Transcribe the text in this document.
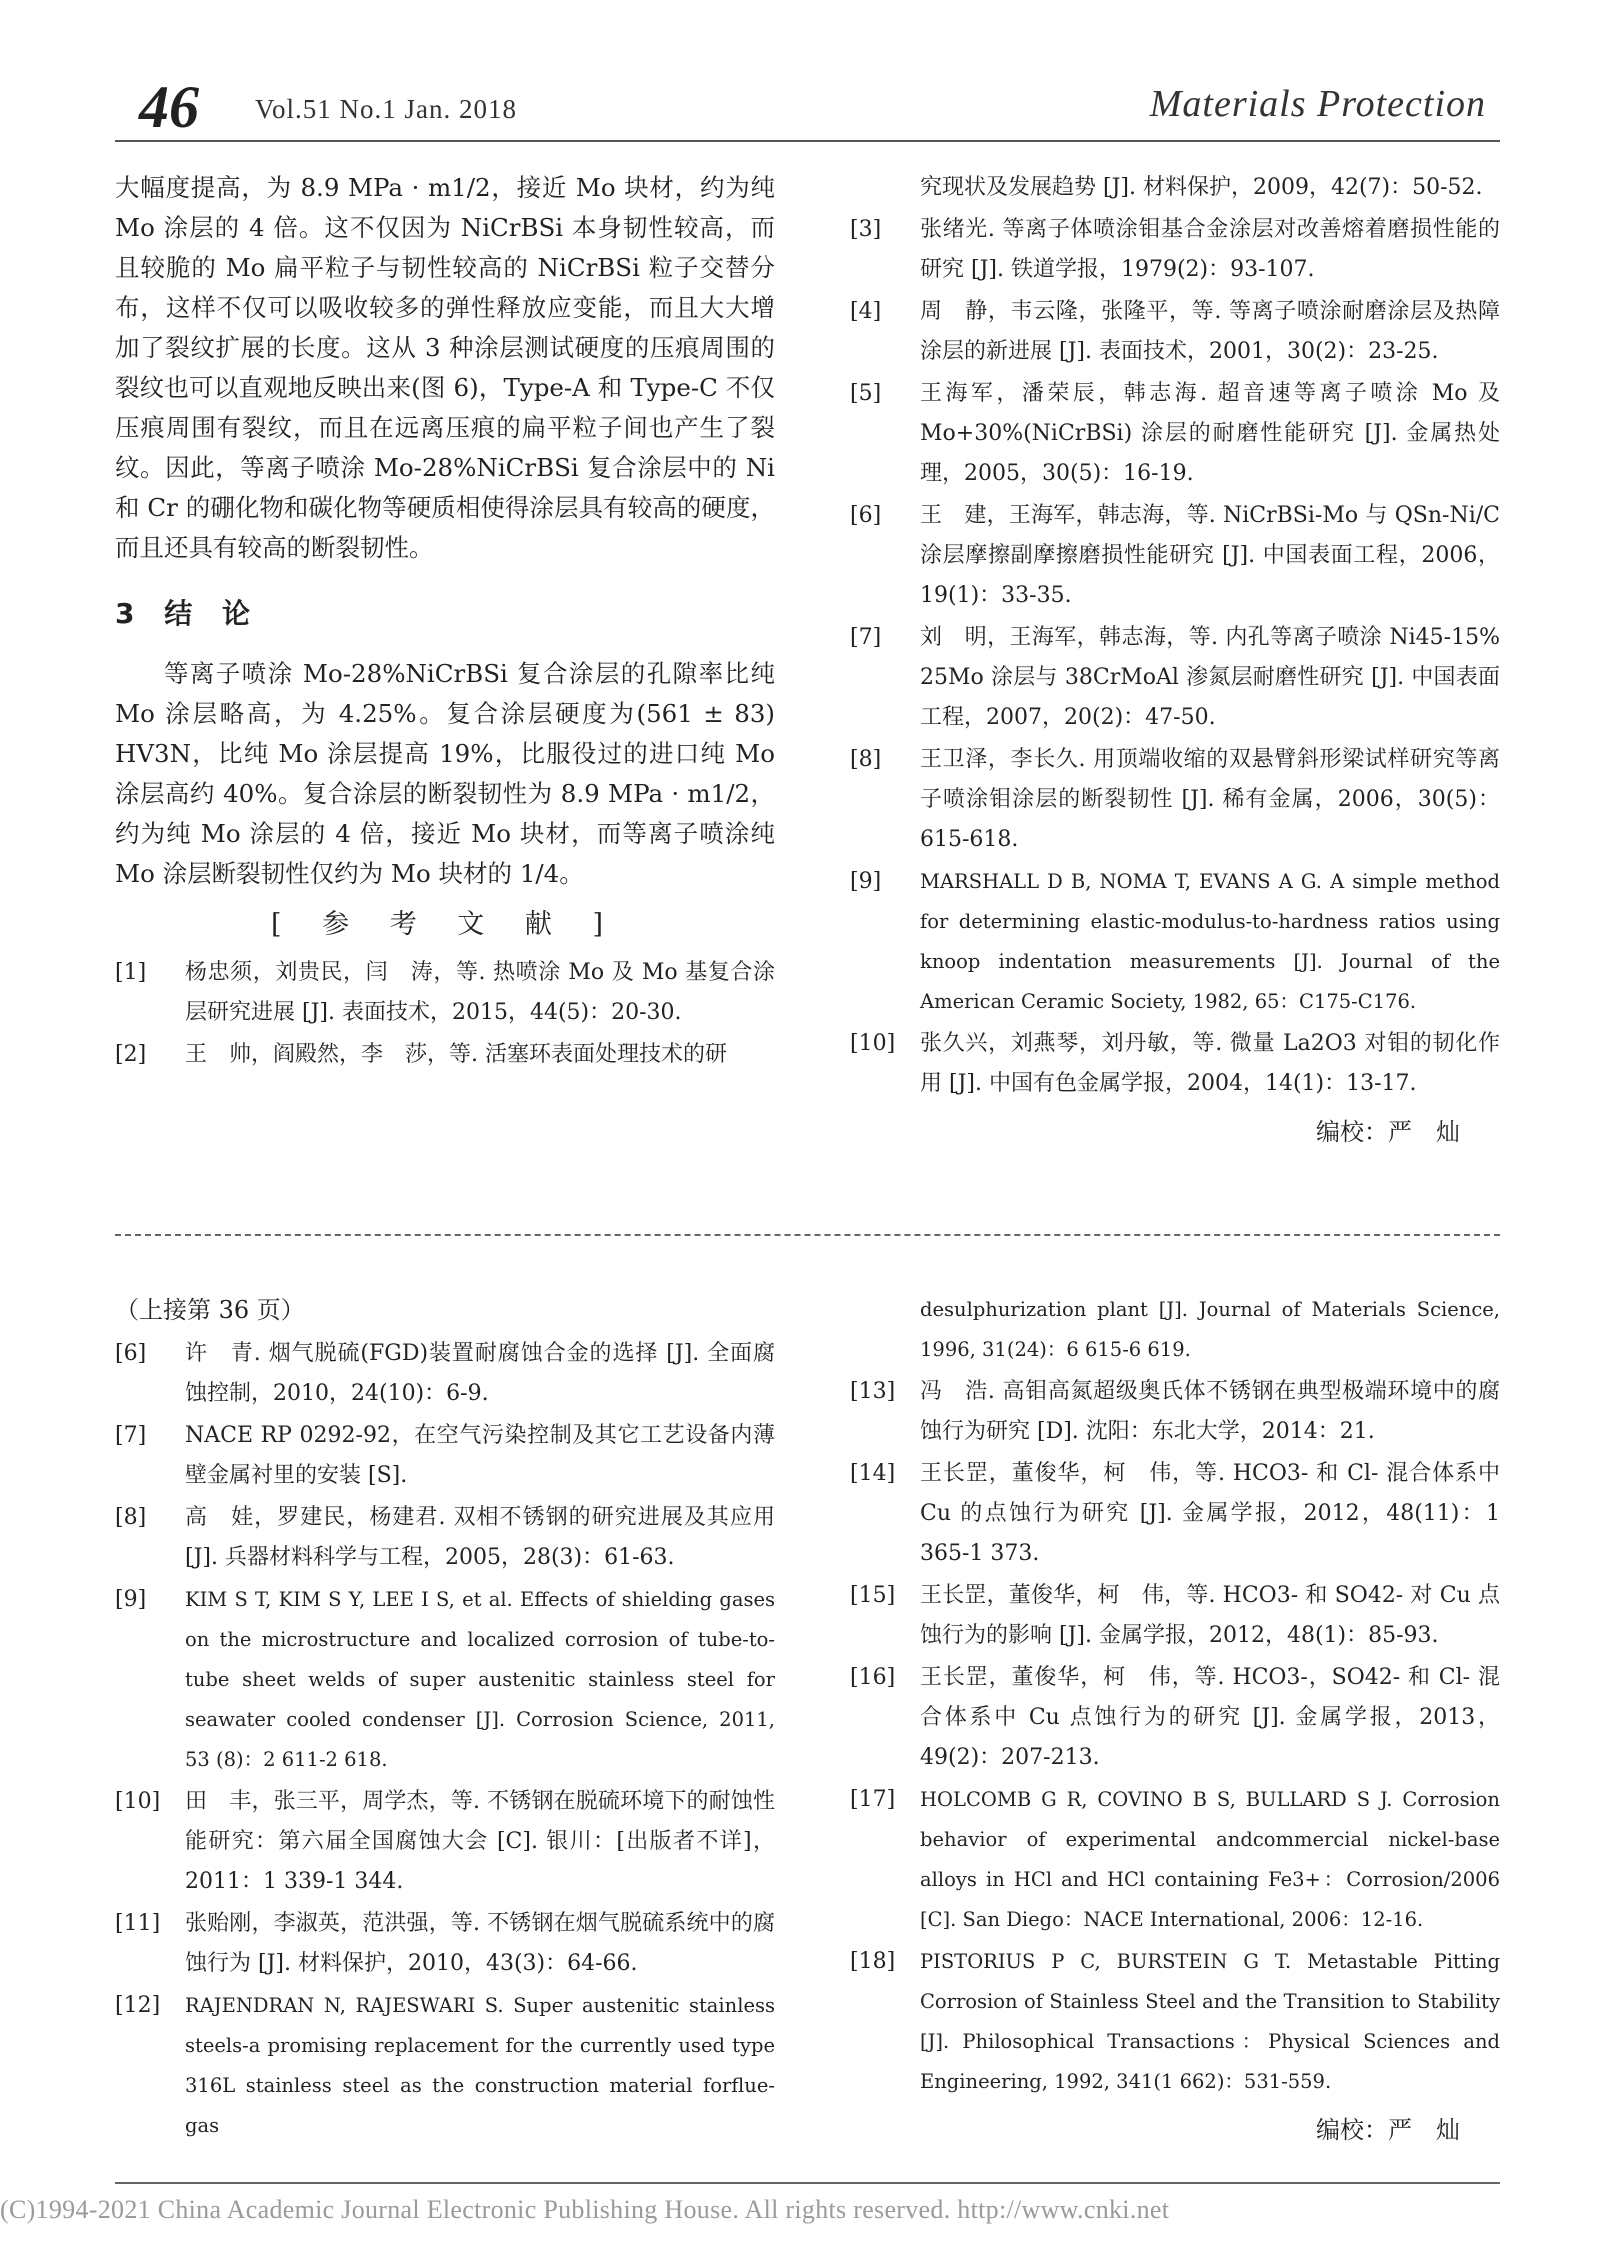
46 Vol.51 No.1 Jan. 2018	Materials Protection

大幅度提高，为 8.9 MPa · m1/2，接近 Mo 块材，约为纯 Mo 涂层的 4 倍。这不仅因为 NiCrBSi 本身韧性较高，而且较脆的 Mo 扁平粒子与韧性较高的 NiCrBSi 粒子交替分布，这样不仅可以吸收较多的弹性释放应变能，而且大大增加了裂纹扩展的长度。这从 3 种涂层测试硬度的压痕周围的裂纹也可以直观地反映出来(图 6)，Type-A 和 Type-C 不仅压痕周围有裂纹，而且在远离压痕的扁平粒子间也产生了裂纹。因此，等离子喷涂 Mo-28%NiCrBSi 复合涂层中的 Ni 和 Cr 的硼化物和碳化物等硬质相使得涂层具有较高的硬度，而且还具有较高的断裂韧性。

3 结 论

等离子喷涂 Mo-28%NiCrBSi 复合涂层的孔隙率比纯 Mo 涂层略高，为 4.25%。复合涂层硬度为(561 ± 83) HV3N，比纯 Mo 涂层提高 19%，比服役过的进口纯 Mo 涂层高约 40%。复合涂层的断裂韧性为 8.9 MPa · m1/2，约为纯 Mo 涂层的 4 倍，接近 Mo 块材，而等离子喷涂纯 Mo 涂层断裂韧性仅约为 Mo 块材的 1/4。

[ 参 考 文 献 ]
[1]	杨忠须，刘贵民，闫　涛，等. 热喷涂 Mo 及 Mo 基复合涂层研究进展 [J]. 表面技术，2015，44(5)：20-30.
[2]	王　帅，阎殿然，李　莎，等. 活塞环表面处理技术的研
究现状及发展趋势 [J]. 材料保护，2009，42(7)：50-52.
[3]	张绪光. 等离子体喷涂钼基合金涂层对改善熔着磨损性能的研究 [J]. 铁道学报，1979(2)：93-107.
[4]	周　静，韦云隆，张隆平，等. 等离子喷涂耐磨涂层及热障涂层的新进展 [J]. 表面技术，2001，30(2)：23-25.
[5]	王海军，潘荣辰，韩志海. 超音速等离子喷涂 Mo 及 Mo+30%(NiCrBSi) 涂层的耐磨性能研究 [J]. 金属热处理，2005，30(5)：16-19.
[6]	王　建，王海军，韩志海，等. NiCrBSi-Mo 与 QSn-Ni/C 涂层摩擦副摩擦磨损性能研究 [J]. 中国表面工程，2006，19(1)：33-35.
[7]	刘　明，王海军，韩志海，等. 内孔等离子喷涂 Ni45-15% 25Mo 涂层与 38CrMoAl 渗氮层耐磨性研究 [J]. 中国表面工程，2007，20(2)：47-50.
[8]	王卫泽，李长久. 用顶端收缩的双悬臂斜形梁试样研究等离子喷涂钼涂层的断裂韧性 [J]. 稀有金属，2006，30(5)：615-618.
[9]	MARSHALL D B, NOMA T, EVANS A G. A simple method for determining elastic-modulus-to-hardness ratios using knoop indentation measurements [J]. Journal of the American Ceramic Society, 1982, 65：C175-C176.
[10]	张久兴，刘燕琴，刘丹敏，等. 微量 La2O3 对钼的韧化作用 [J]. 中国有色金属学报，2004，14(1)：13-17.
编校：严　灿
（上接第 36 页）
[6]	许　青. 烟气脱硫(FGD)装置耐腐蚀合金的选择 [J]. 全面腐蚀控制，2010，24(10)：6-9.
[7]	NACE RP 0292-92，在空气污染控制及其它工艺设备内薄壁金属衬里的安装 [S].
[8]	高　娃，罗建民，杨建君. 双相不锈钢的研究进展及其应用 [J]. 兵器材料科学与工程，2005，28(3)：61-63.
[9]	KIM S T, KIM S Y, LEE I S, et al. Effects of shielding gases on the microstructure and localized corrosion of tube-to-tube sheet welds of super austenitic stainless steel for seawater cooled condenser [J]. Corrosion Science, 2011, 53 (8)：2 611-2 618.
[10]	田　丰，张三平，周学杰，等. 不锈钢在脱硫环境下的耐蚀性能研究：第六届全国腐蚀大会 [C]. 银川：[出版者不详]，2011：1 339-1 344.
[11]	张贻刚，李淑英，范洪强，等. 不锈钢在烟气脱硫系统中的腐蚀行为 [J]. 材料保护，2010，43(3)：64-66.
[12]	RAJENDRAN N, RAJESWARI S. Super austenitic stainless steels-a promising replacement for the currently used type 316L stainless steel as the construction material forflue-gas
desulphurization plant [J]. Journal of Materials Science, 1996, 31(24)：6 615-6 619.
[13]	冯　浩. 高钼高氮超级奥氏体不锈钢在典型极端环境中的腐蚀行为研究 [D]. 沈阳：东北大学，2014：21.
[14]	王长罡，董俊华，柯　伟，等. HCO3- 和 Cl- 混合体系中 Cu 的点蚀行为研究 [J]. 金属学报，2012，48(11)：1 365-1 373.
[15]	王长罡，董俊华，柯　伟，等. HCO3- 和 SO42- 对 Cu 点蚀行为的影响 [J]. 金属学报，2012，48(1)：85-93.
[16]	王长罡，董俊华，柯　伟，等. HCO3-，SO42- 和 Cl- 混合体系中 Cu 点蚀行为的研究 [J]. 金属学报，2013，49(2)：207-213.
[17]	HOLCOMB G R, COVINO B S, BULLARD S J. Corrosion behavior of experimental andcommercial nickel-base alloys in HCl and HCl containing Fe3+：Corrosion/2006 [C]. San Diego：NACE International, 2006：12-16.
[18]	PISTORIUS P C, BURSTEIN G T. Metastable Pitting Corrosion of Stainless Steel and the Transition to Stability [J]. Philosophical Transactions：Physical Sciences and Engineering, 1992, 341(1 662)：531-559.
编校：严　灿
(C)1994-2021 China Academic Journal Electronic Publishing House. All rights reserved. http://www.cnki.net
